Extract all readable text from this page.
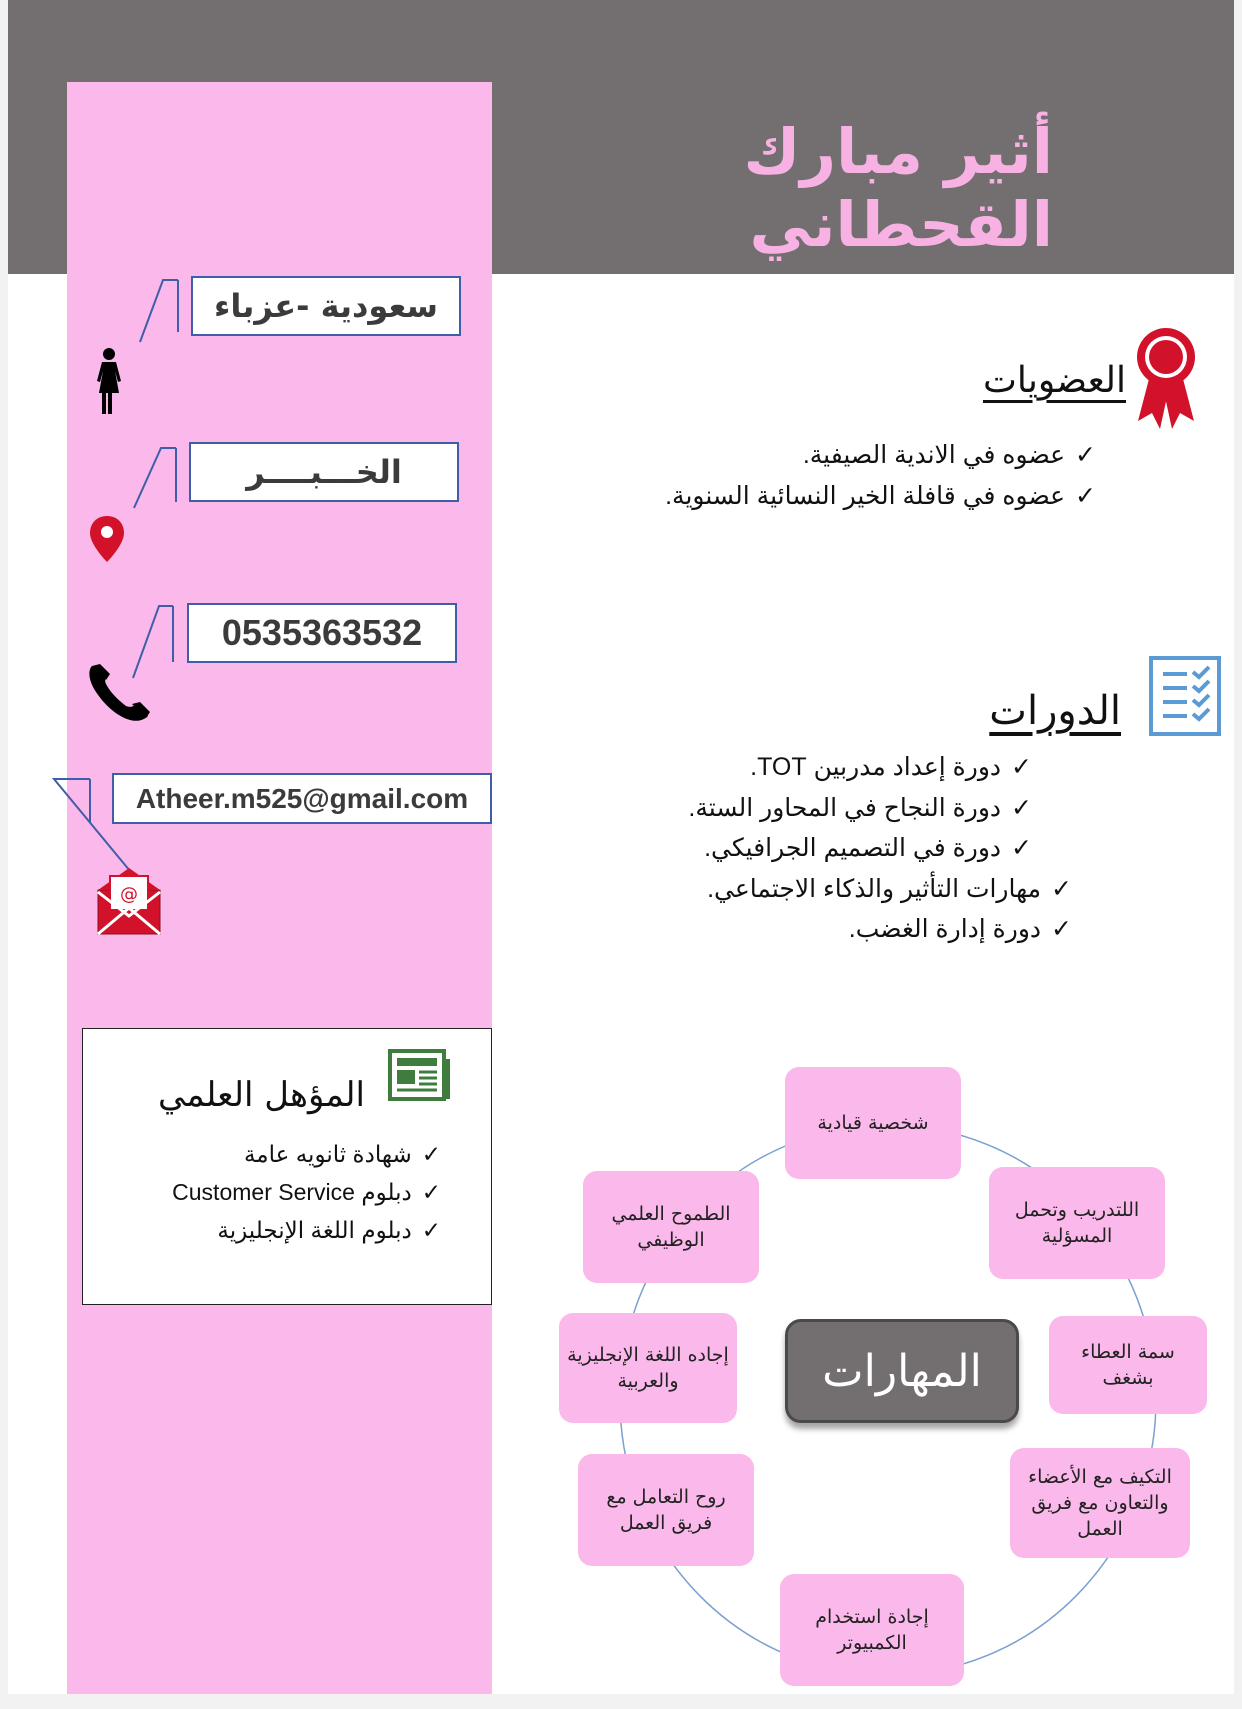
أثير مبارك القحطاني
سعودية -عزباء
الخـــبــــر
0535363532
Atheer.m525@gmail.com
@
العضويات
✓عضوه في الاندية الصيفية.
✓عضوه في قافلة الخير النسائية السنوية.
الدورات
✓دورة إعداد مدربين TOT.
✓دورة النجاح في المحاور الستة.
✓دورة في التصميم الجرافيكي.
✓مهارات التأثير والذكاء الاجتماعي.
✓دورة إدارة الغضب.
المؤهل العلمي
✓شهادة ثانويه عامة
✓دبلوم Customer Service
✓دبلوم اللغة الإنجليزية
شخصية قيادية
اللتدريب وتحمل المسؤلية
سمة العطاء بشغف
التكيف مع الأعضاء والتعاون مع فريق العمل
إجادة استخدام الكمبيوتر
روح التعامل مع فريق العمل
إجاده اللغة الإنجليزية والعربية
الطموح العلمي الوظيفي
المهارات
